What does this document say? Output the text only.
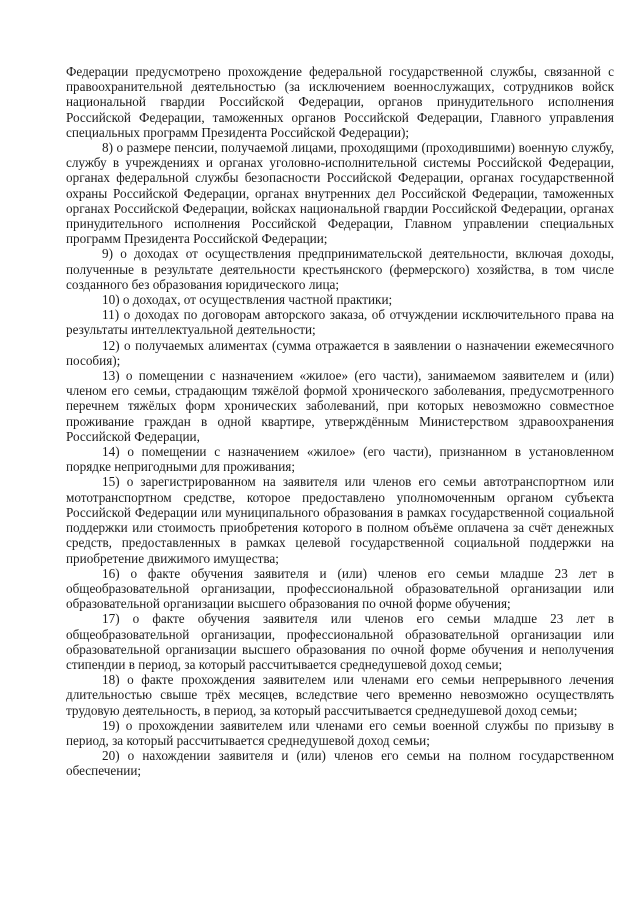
Федерации предусмотрено прохождение федеральной государственной службы, связанной с правоохранительной деятельностью (за исключением военнослужащих, сотрудников войск национальной гвардии Российской Федерации, органов принудительного исполнения Российской Федерации, таможенных органов Российской Федерации, Главного управления специальных программ Президента Российской Федерации);

8) о размере пенсии, получаемой лицами, проходящими (проходившими) военную службу, службу в учреждениях и органах уголовно-исполнительной системы Российской Федерации, органах федеральной службы безопасности Российской Федерации, органах государственной охраны Российской Федерации, органах внутренних дел Российской Федерации, таможенных органах Российской Федерации, войсках национальной гвардии Российской Федерации, органах принудительного исполнения Российской Федерации, Главном управлении специальных программ Президента Российской Федерации;

9) о доходах от осуществления предпринимательской деятельности, включая доходы, полученные в результате деятельности крестьянского (фермерского) хозяйства, в том числе созданного без образования юридического лица;

10) о доходах, от осуществления частной практики;

11) о доходах по договорам авторского заказа, об отчуждении исключительного права на результаты интеллектуальной деятельности;

12) о получаемых алиментах (сумма отражается в заявлении о назначении ежемесячного пособия);

13) о помещении с назначением «жилое» (его части), занимаемом заявителем и (или) членом его семьи, страдающим тяжёлой формой хронического заболевания, предусмотренного перечнем тяжёлых форм хронических заболеваний, при которых невозможно совместное проживание граждан в одной квартире, утверждённым Министерством здравоохранения Российской Федерации,

14) о помещении с назначением «жилое» (его части), признанном в установленном порядке непригодными для проживания;

15) о зарегистрированном на заявителя или членов его семьи автотранспортном или мототранспортном средстве, которое предоставлено уполномоченным органом субъекта Российской Федерации или муниципального образования в рамках государственной социальной поддержки или стоимость приобретения которого в полном объёме оплачена за счёт денежных средств, предоставленных в рамках целевой государственной социальной поддержки на приобретение движимого имущества;

16) о факте обучения заявителя и (или) членов его семьи младше 23 лет в общеобразовательной организации, профессиональной образовательной организации или образовательной организации высшего образования по очной форме обучения;

17) о факте обучения заявителя или членов его семьи младше 23 лет в общеобразовательной организации, профессиональной образовательной организации или образовательной организации высшего образования по очной форме обучения и неполучения стипендии в период, за который рассчитывается среднедушевой доход семьи;

18) о факте прохождения заявителем или членами его семьи непрерывного лечения длительностью свыше трёх месяцев, вследствие чего временно невозможно осуществлять трудовую деятельность, в период, за который рассчитывается среднедушевой доход семьи;

19) о прохождении заявителем или членами его семьи военной службы по призыву в период, за который рассчитывается среднедушевой доход семьи;

20) о нахождении заявителя и (или) членов его семьи на полном государственном обеспечении;
